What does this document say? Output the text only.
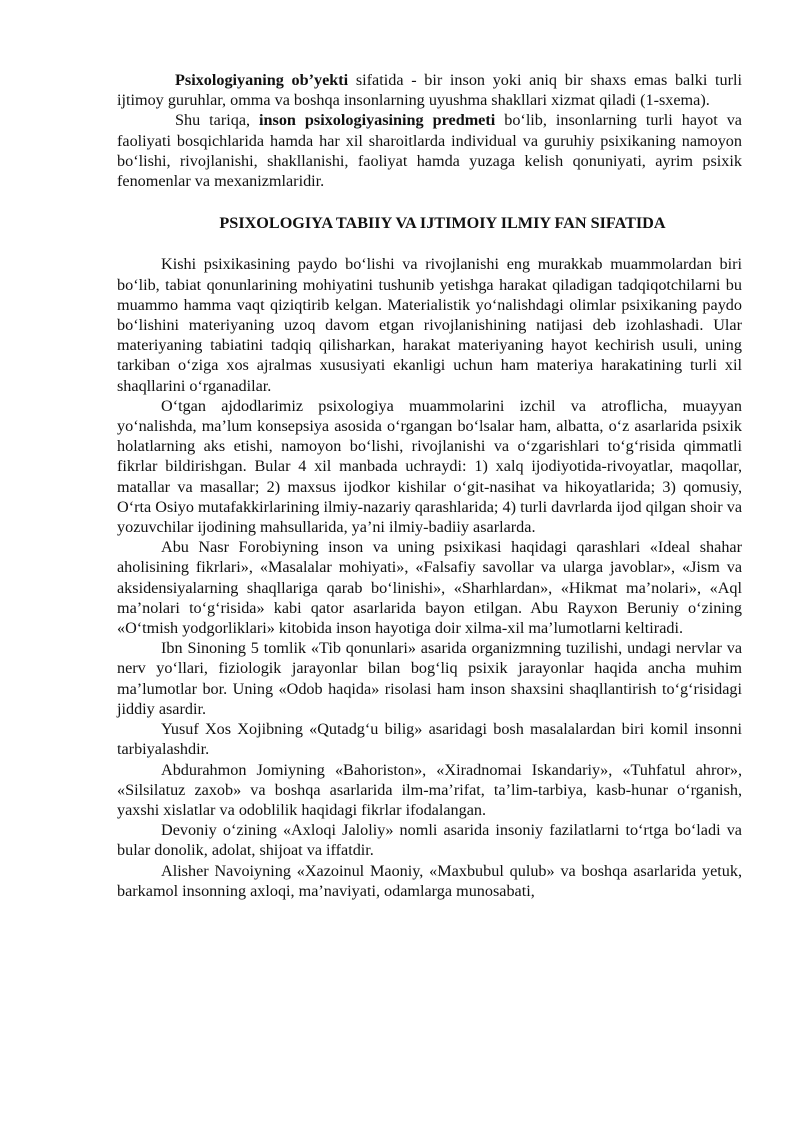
Psixologiyaning ob’yekti sifatida - bir inson yoki aniq bir shaxs emas balki turli ijtimoy guruhlar, omma va boshqa insonlarning uyushma shakllari xizmat qiladi (1-sxema).

Shu tariqa, inson psixologiyasining predmeti bo‘lib, insonlarning turli hayot va faoliyati bosqichlarida hamda har xil sharoitlarda individual va guruhiy psixikaning namoyon bo‘lishi, rivojlanishi, shakllanishi, faoliyat hamda yuzaga kelish qonuniyati, ayrim psixik fenomenlar va mexanizmlaridir.

PSIXOLOGIYA TABIIY VA IJTIMOIY ILMIY FAN SIFATIDA

Kishi psixikasining paydo bo‘lishi va rivojlanishi eng murakkab muammolardan biri bo‘lib, tabiat qonunlarining mohiyatini tushunib yetishga harakat qiladigan tadqiqotchilarni bu muammo hamma vaqt qiziqtirib kelgan. Materialistik yo‘nalishdagi olimlar psixikaning paydo bo‘lishini materiyaning uzoq davom etgan rivojlanishining natijasi deb izohlashadi. Ular materiyaning tabiatini tadqiq qilisharkan, harakat materiyaning hayot kechirish usuli, uning tarkiban o‘ziga xos ajralmas xususiyati ekanligi uchun ham materiya harakatining turli xil shaqllarini o‘rganadilar.

O‘tgan ajdodlarimiz psixologiya muammolarini izchil va atroflicha, muayyan yo‘nalishda, ma’lum konsepsiya asosida o‘rgangan bo‘lsalar ham, albatta, o‘z asarlarida psixik holatlarning aks etishi, namoyon bo‘lishi, rivojlanishi va o‘zgarishlari to‘g‘risida qimmatli fikrlar bildirishgan. Bular 4 xil manbada uchraydi: 1) xalq ijodiyotida-rivoyatlar, maqollar, matallar va masallar; 2) maxsus ijodkor kishilar o‘git-nasihat va hikoyatlarida; 3) qomusiy, O‘rta Osiyo mutafakkirlarining ilmiy-nazariy qarashlarida; 4) turli davrlarda ijod qilgan shoir va yozuvchilar ijodining mahsullarida, ya’ni ilmiy-badiiy asarlarda.

Abu Nasr Forobiyning inson va uning psixikasi haqidagi qarashlari «Ideal shahar aholisining fikrlari», «Masalalar mohiyati», «Falsafiy savollar va ularga javoblar», «Jism va aksidensiyalarning shaqllariga qarab bo‘linishi», «Sharhlardan», «Hikmat ma’nolari», «Aql ma’nolari to‘g‘risida» kabi qator asarlarida bayon etilgan. Abu Rayxon Beruniy o‘zining «O‘tmish yodgorliklari» kitobida inson hayotiga doir xilma-xil ma’lumotlarni keltiradi.

Ibn Sinoning 5 tomlik «Tib qonunlari» asarida organizmning tuzilishi, undagi nervlar va nerv yo‘llari, fiziologik jarayonlar bilan bog‘liq psixik jarayonlar haqida ancha muhim ma’lumotlar bor. Uning «Odob haqida» risolasi ham inson shaxsini shaqllantirish to‘g‘risidagi jiddiy asardir.

Yusuf Xos Xojibning «Qutadg‘u bilig» asaridagi bosh masalalardan biri komil insonni tarbiyalashdir.

Abdurahmon Jomiyning «Bahoriston», «Xiradnomai Iskandariy», «Tuhfatul ahror», «Silsilatuz zaxob» va boshqa asarlarida ilm-ma’rifat, ta’lim-tarbiya, kasb-hunar o‘rganish, yaxshi xislatlar va odoblilik haqidagi fikrlar ifodalangan.

Devoniy o‘zining «Axloqi Jaloliy» nomli asarida insoniy fazilatlarni to‘rtga bo‘ladi va bular donolik, adolat, shijoat va iffatdir.

Alisher Navoiyning «Xazoinul Maoniy, «Maxbubul qulub» va boshqa asarlarida yetuk, barkamol insonning axloqi, ma’naviyati, odamlarga munosabati,
